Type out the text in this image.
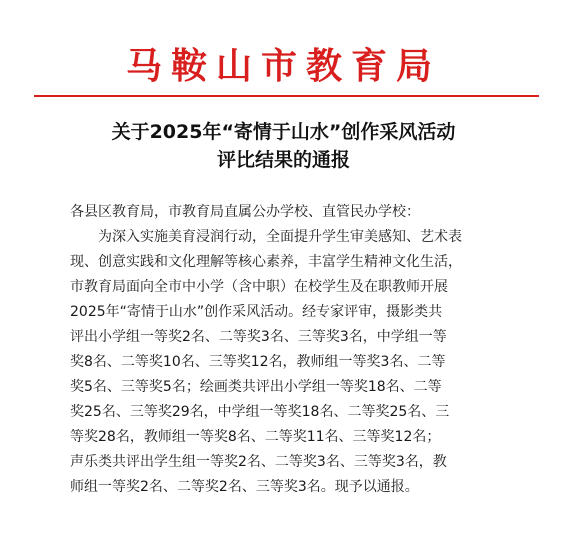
马鞍山市教育局
关于2025年“寄情于山水”创作采风活动
评比结果的通报
各县区教育局，市教育局直属公办学校、直管民办学校：
为深入实施美育浸润行动，全面提升学生审美感知、艺术表
现、创意实践和文化理解等核心素养，丰富学生精神文化生活，
市教育局面向全市中小学（含中职）在校学生及在职教师开展
2025年“寄情于山水”创作采风活动。经专家评审，摄影类共
评出小学组一等奖2名、二等奖3名、三等奖3名，中学组一等
奖8名、二等奖10名、三等奖12名，教师组一等奖3名、二等
奖5名、三等奖5名；绘画类共评出小学组一等奖18名、二等
奖25名、三等奖29名，中学组一等奖18名、二等奖25名、三
等奖28名，教师组一等奖8名、二等奖11名、三等奖12名；
声乐类共评出学生组一等奖2名、二等奖3名、三等奖3名，教
师组一等奖2名、二等奖2名、三等奖3名。现予以通报。
